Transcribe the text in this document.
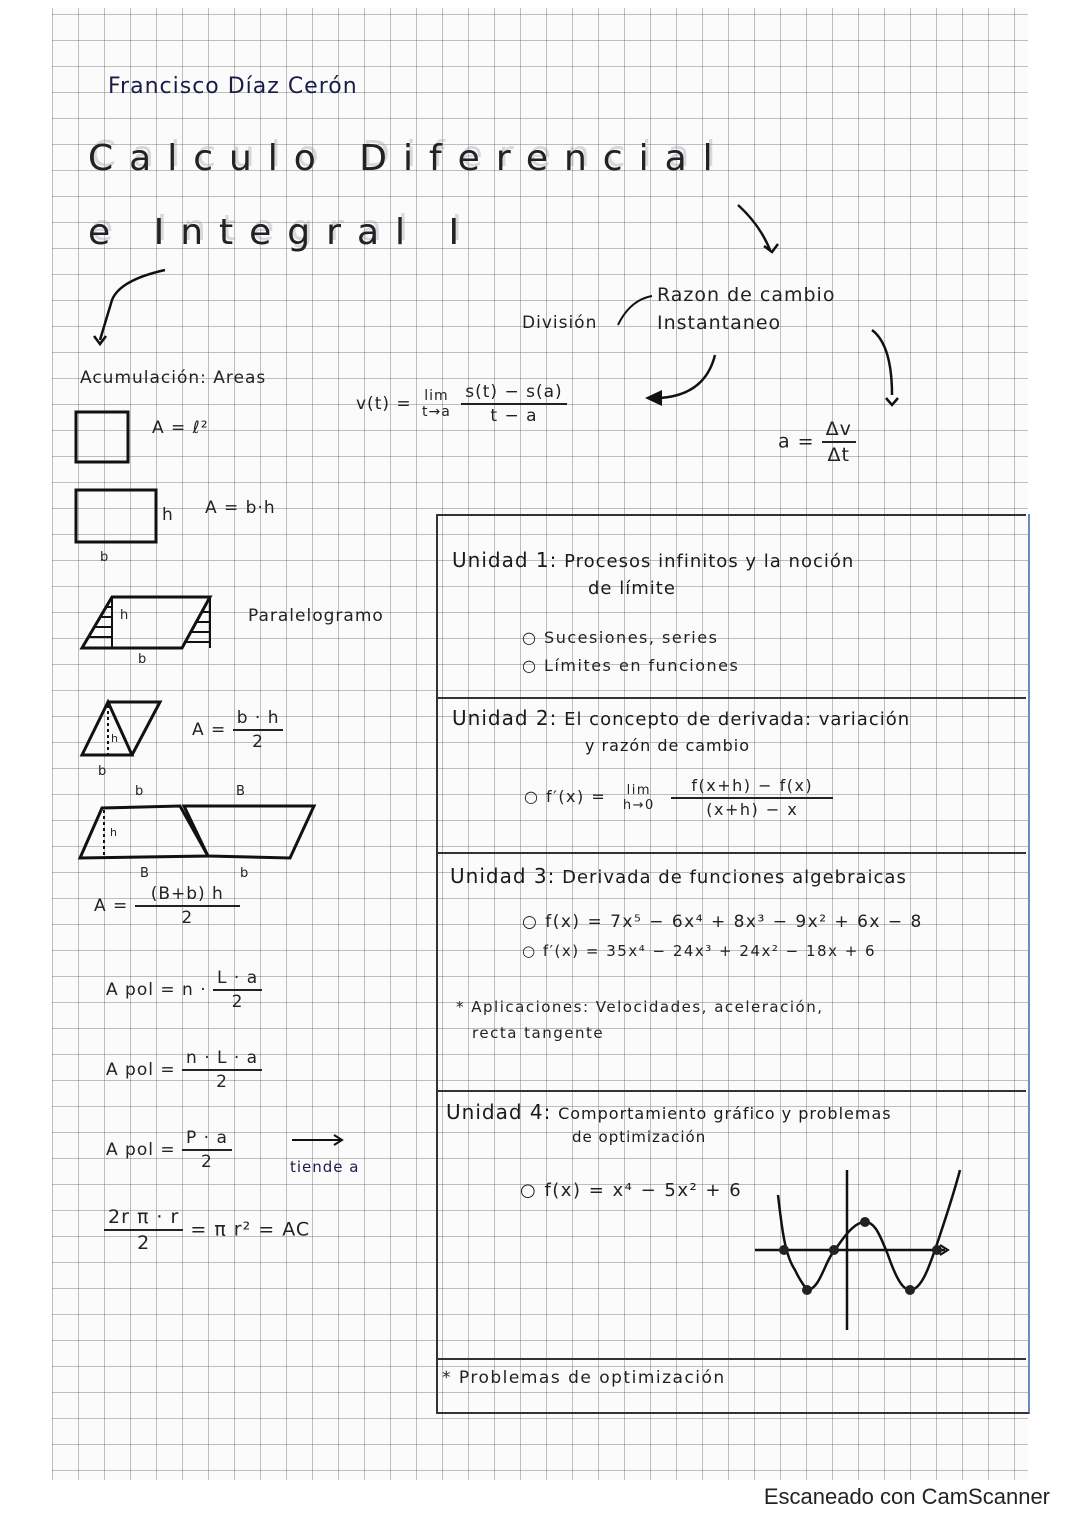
Francisco Díaz Cerón
Calculo Diferencial
e Integral I
División
Razon de cambio
Instantaneo
v(t) = lim
t→a
$\frac{s(t) - s(a)}{t - a}$
$a = \frac{\Delta v}{\Delta t}$
Acumulación: Areas
A = ℓ²
h
b
A = b·h
h
b
Paralelogramo
h
b
$A = \frac{b \cdot h}{2}$
b	B
h
B	b
$A = \frac{(B+b) h}{2}$
A pol = $n \cdot \frac{L \cdot a}{2}$
A pol = $\frac{n \cdot L \cdot a}{2}$
A pol = $\frac{P \cdot a}{2}$	tiende a
$\frac{\text{2r π · r}}{2} = \pi$ r² = AC
Unidad 1: Procesos infinitos y la noción
de límite
○ Sucesiones, series
○ Límites en funciones
Unidad 2: El concepto de derivada: variación
y razón de cambio
○ f′(x) = lim
h→0
$\frac{f(x+h) - f(x)}{(x+h) - x}$
Unidad 3: Derivada de funciones algebraicas
○ f(x) = 7x⁵ − 6x⁴ + 8x³ − 9x² + 6x − 8
○ f′(x) = 35x⁴ − 24x³ + 24x² − 18x + 6
* Aplicaciones: Velocidades, aceleración,
recta tangente
Unidad 4: Comportamiento gráfico y problemas
de optimización
○ f(x) = x⁴ − 5x² + 6
* Problemas de optimización
Escaneado con CamScanner
